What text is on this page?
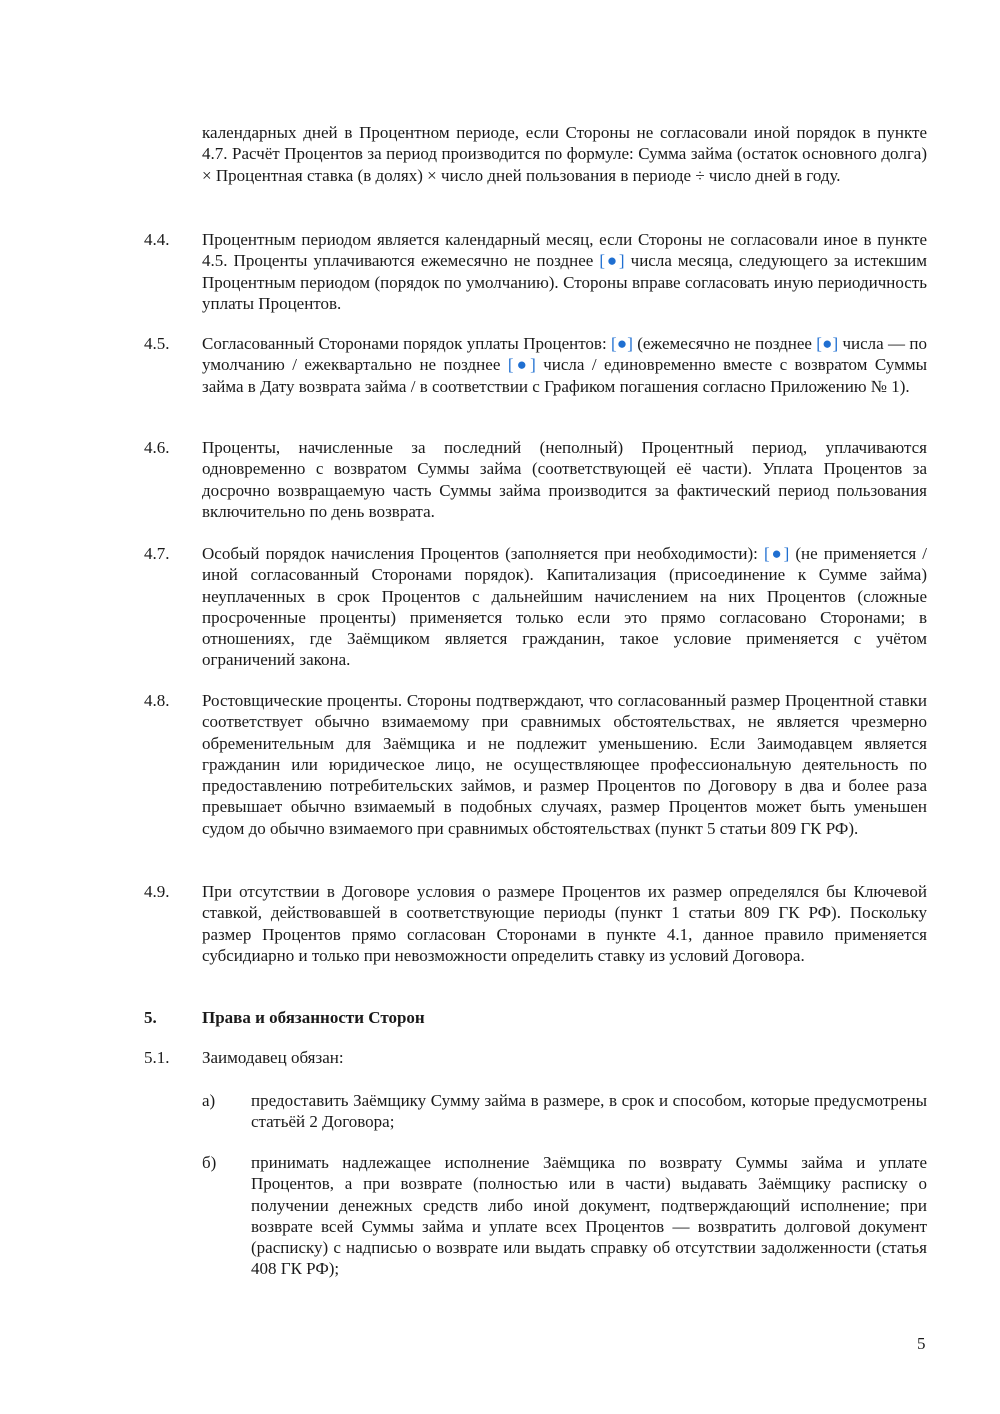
календарных дней в Процентном периоде, если Стороны не согласовали иной порядок в пункте 4.7. Расчёт Процентов за период производится по формуле: Сумма займа (остаток основного долга) × Процентная ставка (в долях) × число дней пользования в периоде ÷ число дней в году.
4.4. Процентным периодом является календарный месяц, если Стороны не согласовали иное в пункте 4.5. Проценты уплачиваются ежемесячно не позднее [●] числа месяца, следующего за истекшим Процентным периодом (порядок по умолчанию). Стороны вправе согласовать иную периодичность уплаты Процентов.
4.5. Согласованный Сторонами порядок уплаты Процентов: [●] (ежемесячно не позднее [●] числа — по умолчанию / ежеквартально не позднее [●] числа / единовременно вместе с возвратом Суммы займа в Дату возврата займа / в соответствии с Графиком погашения согласно Приложению № 1).
4.6. Проценты, начисленные за последний (неполный) Процентный период, уплачиваются одновременно с возвратом Суммы займа (соответствующей её части). Уплата Процентов за досрочно возвращаемую часть Суммы займа производится за фактический период пользования включительно по день возврата.
4.7. Особый порядок начисления Процентов (заполняется при необходимости): [●] (не применяется / иной согласованный Сторонами порядок). Капитализация (присоединение к Сумме займа) неуплаченных в срок Процентов с дальнейшим начислением на них Процентов (сложные просроченные проценты) применяется только если это прямо согласовано Сторонами; в отношениях, где Заёмщиком является гражданин, такое условие применяется с учётом ограничений закона.
4.8. Ростовщические проценты. Стороны подтверждают, что согласованный размер Процентной ставки соответствует обычно взимаемому при сравнимых обстоятельствах, не является чрезмерно обременительным для Заёмщика и не подлежит уменьшению. Если Заимодавцем является гражданин или юридическое лицо, не осуществляющее профессиональную деятельность по предоставлению потребительских займов, и размер Процентов по Договору в два и более раза превышает обычно взимаемый в подобных случаях, размер Процентов может быть уменьшен судом до обычно взимаемого при сравнимых обстоятельствах (пункт 5 статьи 809 ГК РФ).
4.9. При отсутствии в Договоре условия о размере Процентов их размер определялся бы Ключевой ставкой, действовавшей в соответствующие периоды (пункт 1 статьи 809 ГК РФ). Поскольку размер Процентов прямо согласован Сторонами в пункте 4.1, данное правило применяется субсидиарно и только при невозможности определить ставку из условий Договора.
5.	Права и обязанности Сторон
5.1. Заимодавец обязан:
а) предоставить Заёмщику Сумму займа в размере, в срок и способом, которые предусмотрены статьёй 2 Договора;
б) принимать надлежащее исполнение Заёмщика по возврату Суммы займа и уплате Процентов, а при возврате (полностью или в части) выдавать Заёмщику расписку о получении денежных средств либо иной документ, подтверждающий исполнение; при возврате всей Суммы займа и уплате всех Процентов — возвратить долговой документ (расписку) с надписью о возврате или выдать справку об отсутствии задолженности (статья 408 ГК РФ);
5
